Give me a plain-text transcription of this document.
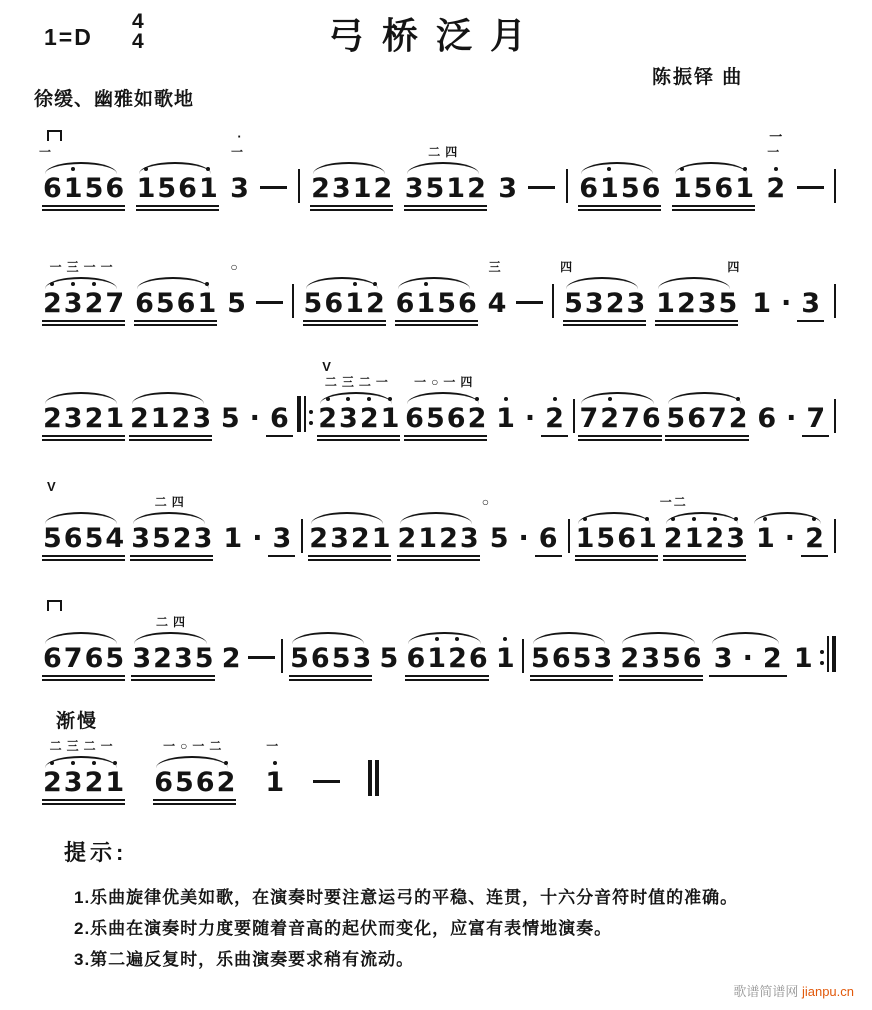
1=D
4
4	弓桥泛月
陈振铎 曲
徐缓、幽雅如歌地
一
6 1 5 6 1 5 6 1
·
一
3 2 3 1 2
二四
3 5 1 2 3 6 1 5 6 1 5 6 1
一
一
2
一三一一
2 3 2 7 6 5 6 1
○
5 5 6 1 2 6 1 5 6
三
4
四
5 3 2 3
四
1 2 3 5 1 · 3
2 3 2 1 2 1 2 3 5 · 6
V
二三二一
2 3 2 1
一○一四
6 5 6 2 1 · 2 7 2 7 6 5 6 7 2 6 · 7
V
5 6 5 4
二四
3 5 2 3 1 · 3 2 3 2 1 2 1 2 3
○
5 · 6 1 5 6 1
一二
2 1 2 3 1 · 2
6 7 6 5
二四
3 2 3 5 2 5 6 5 3 5 6 1 2 6 1 5 6 5 3 2 3 5 6 3 · 2 1
渐慢
二三二一
2 3 2 1
一○一二
6 5 6 2
一
1
提示:
1.乐曲旋律优美如歌，在演奏时要注意运弓的平稳、连贯，十六分音符时值的准确。
2.乐曲在演奏时力度要随着音高的起伏而变化，应富有表情地演奏。
3.第二遍反复时，乐曲演奏要求稍有流动。
歌谱简谱网 jianpu.cn
